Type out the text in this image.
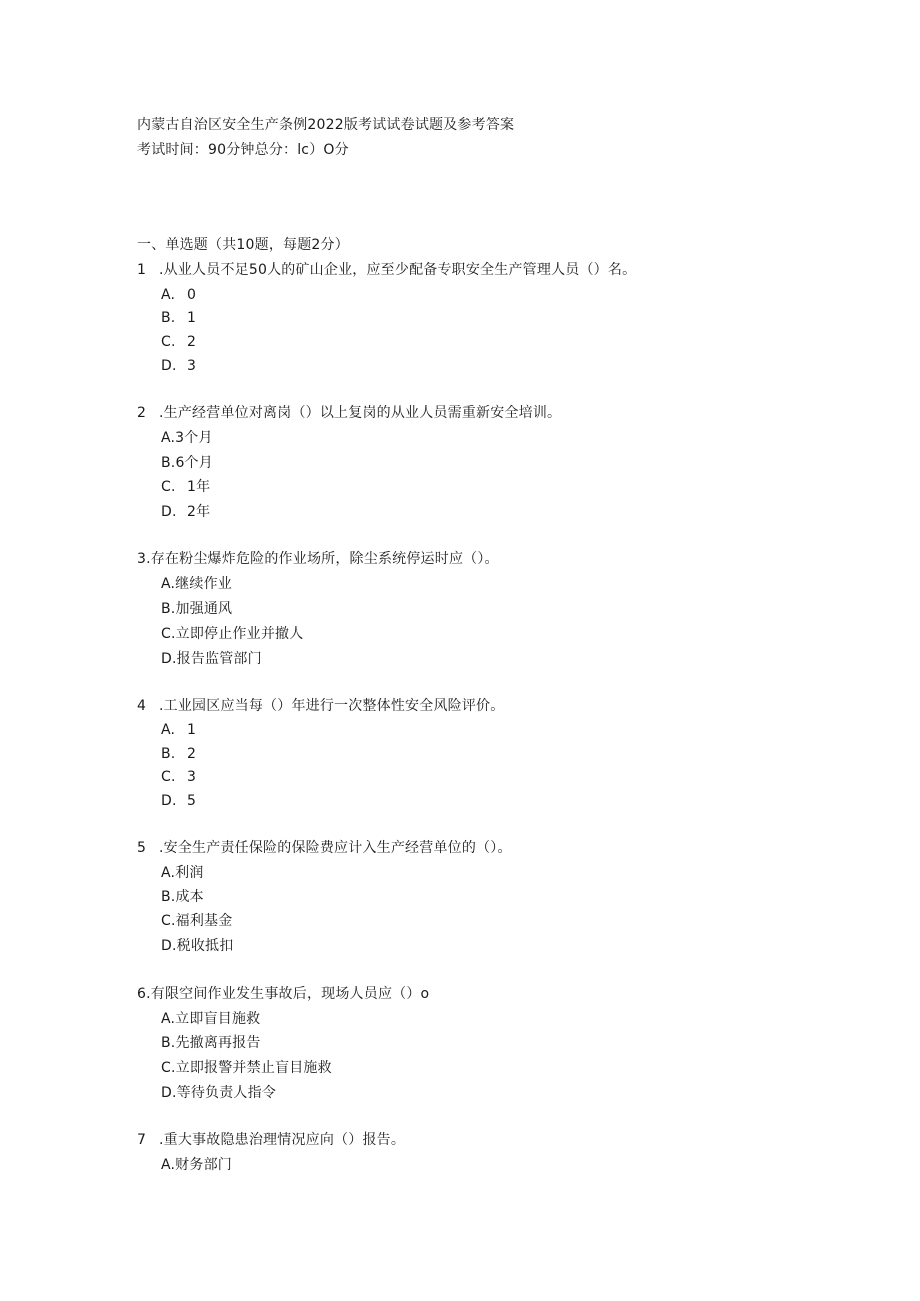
内蒙古自治区安全生产条例2022版考试试卷试题及参考答案
考试时间：90分钟总分：lc）O分
一、单选题（共10题，每题2分）
1 .从业人员不足50人的矿山企业，应至少配备专职安全生产管理人员（）名。
A. 0
B. 1
C. 2
D. 3
2 .生产经营单位对离岗（）以上复岗的从业人员需重新安全培训。
A.3个月
B.6个月
C. 1年
D. 2年
3.存在粉尘爆炸危险的作业场所，除尘系统停运时应（）。
A.继续作业
B.加强通风
C.立即停止作业并撤人
D.报告监管部门
4 .工业园区应当每（）年进行一次整体性安全风险评价。
A. 1
B. 2
C. 3
D. 5
5 .安全生产责任保险的保险费应计入生产经营单位的（）。
A.利润
B.成本
C.福利基金
D.税收抵扣
6.有限空间作业发生事故后，现场人员应（）o
A.立即盲目施救
B.先撤离再报告
C.立即报警并禁止盲目施救
D.等待负责人指令
7 .重大事故隐患治理情况应向（）报告。
A.财务部门
